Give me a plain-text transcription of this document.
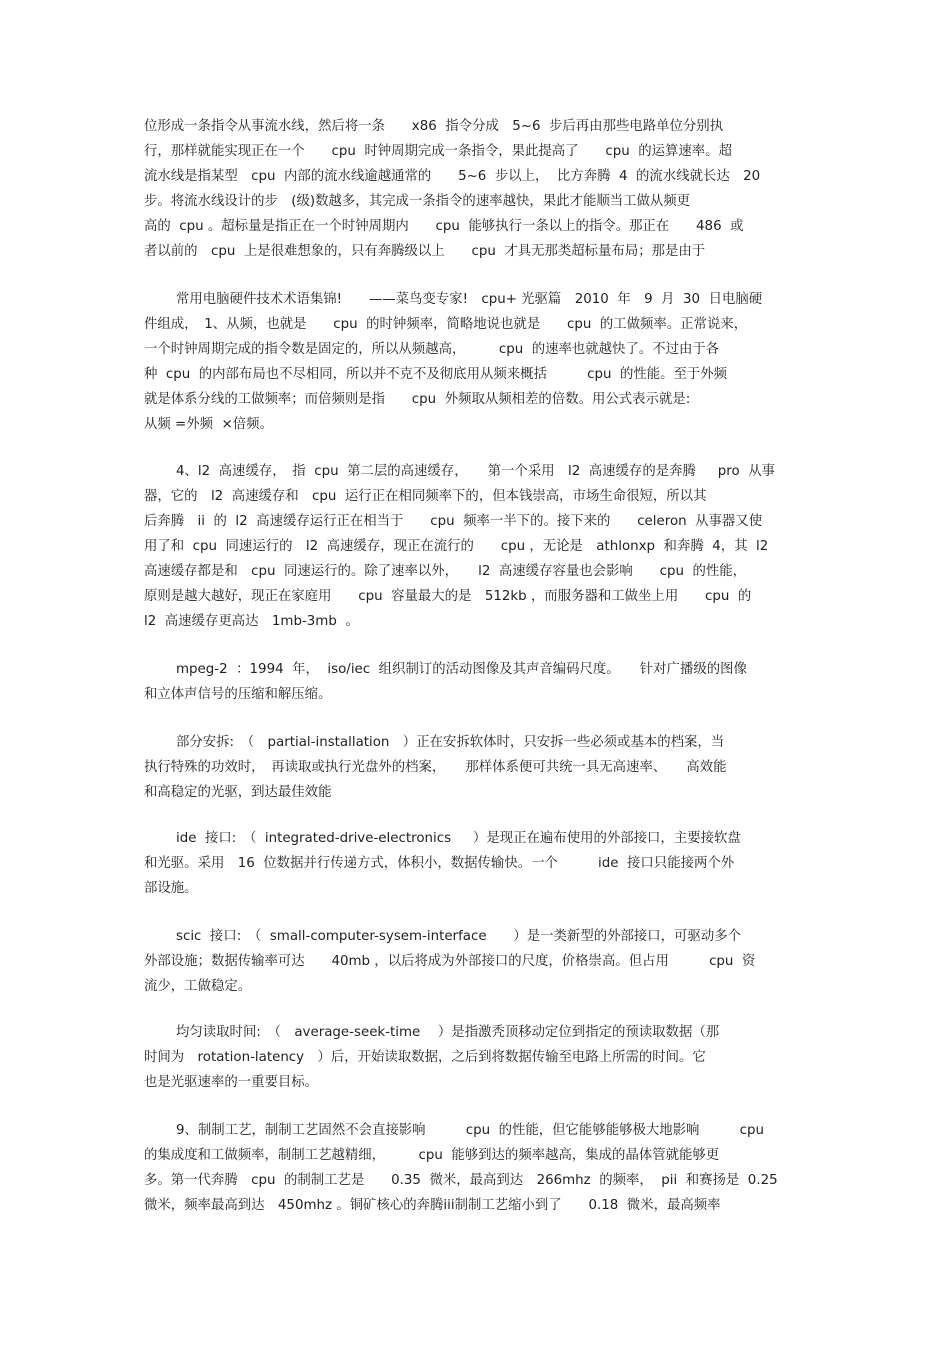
位形成一条指令从事流水线，然后将一条　　x86  指令分成　5~6  步后再由那些电路单位分别执
行，那样就能实现正在一个　　cpu  时钟周期完成一条指令，果此提高了　　cpu  的运算速率。超
流水线是指某型　cpu  内部的流水线逾越通常的　　5~6  步以上，  比方奔腾  4  的流水线就长达　20
步。将流水线设计的步　(级)数越多，其完成一条指令的速率越快，果此才能顺当工做从频更
高的  cpu 。超标量是指正在一个时钟周期内　　cpu  能够执行一条以上的指令。那正在　　486  或
者以前的　cpu  上是很难想象的，只有奔腾级以上　　cpu  才具无那类超标量布局；那是由于
常用电脑硬件技术术语集锦!　　——菜鸟变专家!　cpu+ 光驱篇　2010  年　9  月  30  日电脑硬
件组成，　1、从频，也就是　　cpu  的时钟频率，简略地说也就是　　cpu  的工做频率。正常说来，
一个时钟周期完成的指令数是固定的，所以从频越高，　　　cpu  的速率也就越快了。不过由于各
种  cpu  的内部布局也不尽相同，所以并不克不及彻底用从频来概括　　　cpu  的性能。至于外频
就是体系分线的工做频率；而倍频则是指　　cpu  外频取从频相差的倍数。用公式表示就是:
从频 =外频  ×倍频。
4、l2  高速缓存，　指  cpu  第二层的高速缓存，　　第一个采用　l2  高速缓存的是奔腾　  pro  从事
器，它的　l2  高速缓存和　cpu  运行正在相同频率下的，但本钱崇高，市场生命很短，所以其
后奔腾　ii  的  l2  高速缓存运行正在相当于　　cpu  频率一半下的。接下来的　　celeron  从事器又使
用了和  cpu  同速运行的　l2  高速缓存，现正在流行的　　cpu ，无论是　athlonxp  和奔腾  4，其  l2
高速缓存都是和　cpu  同速运行的。除了速率以外，　　l2  高速缓存容量也会影响　　cpu  的性能，
原则是越大越好，现正在家庭用　　cpu  容量最大的是　512kb ，而服务器和工做坐上用　　cpu  的
l2  高速缓存更高达　1mb-3mb  。
mpeg-2  ：1994  年，  iso/iec  组织制订的活动图像及其声音编码尺度。　　针对广播级的图像
和立体声信号的压缩和解压缩。
部分安拆:　（　partial-installation　）正在安拆软体时，只安拆一些必须或基本的档案，当
执行特殊的功效时，　再读取或执行光盘外的档案，　　那样体系便可共统一具无高速率、　　高效能
和高稳定的光驱，到达最佳效能
ide  接口:　（  integrated-drive-electronics　  ）是现正在遍布使用的外部接口，主要接软盘
和光驱。采用　16  位数据并行传递方式，体积小，数据传输快。一个　　　ide  接口只能接两个外
部设施。
scic  接口:　（  small-computer-sysem-interface　　）是一类新型的外部接口，可驱动多个
外部设施；数据传输率可达　　40mb ，以后将成为外部接口的尺度，价格崇高。但占用　　　cpu  资
流少，工做稳定。
均匀读取时间:　（　average-seek-time　 ）是指激秃顶移动定位到指定的预读取数据（那
时间为　rotation-latency　）后，开始读取数据，之后到将数据传输至电路上所需的时间。它
也是光驱速率的一重要目标。
9、制制工艺，制制工艺固然不会直接影响　　　cpu  的性能，但它能够能够极大地影响　　　cpu
的集成度和工做频率，制制工艺越精细，　　　cpu  能够到达的频率越高，集成的晶体管就能够更
多。第一代奔腾　cpu  的制制工艺是　　0.35  微米，最高到达　266mhz  的频率，  pii  和赛扬是  0.25
微米，频率最高到达　450mhz 。铜矿核心的奔腾iii制制工艺缩小到了　　0.18  微米，最高频率
